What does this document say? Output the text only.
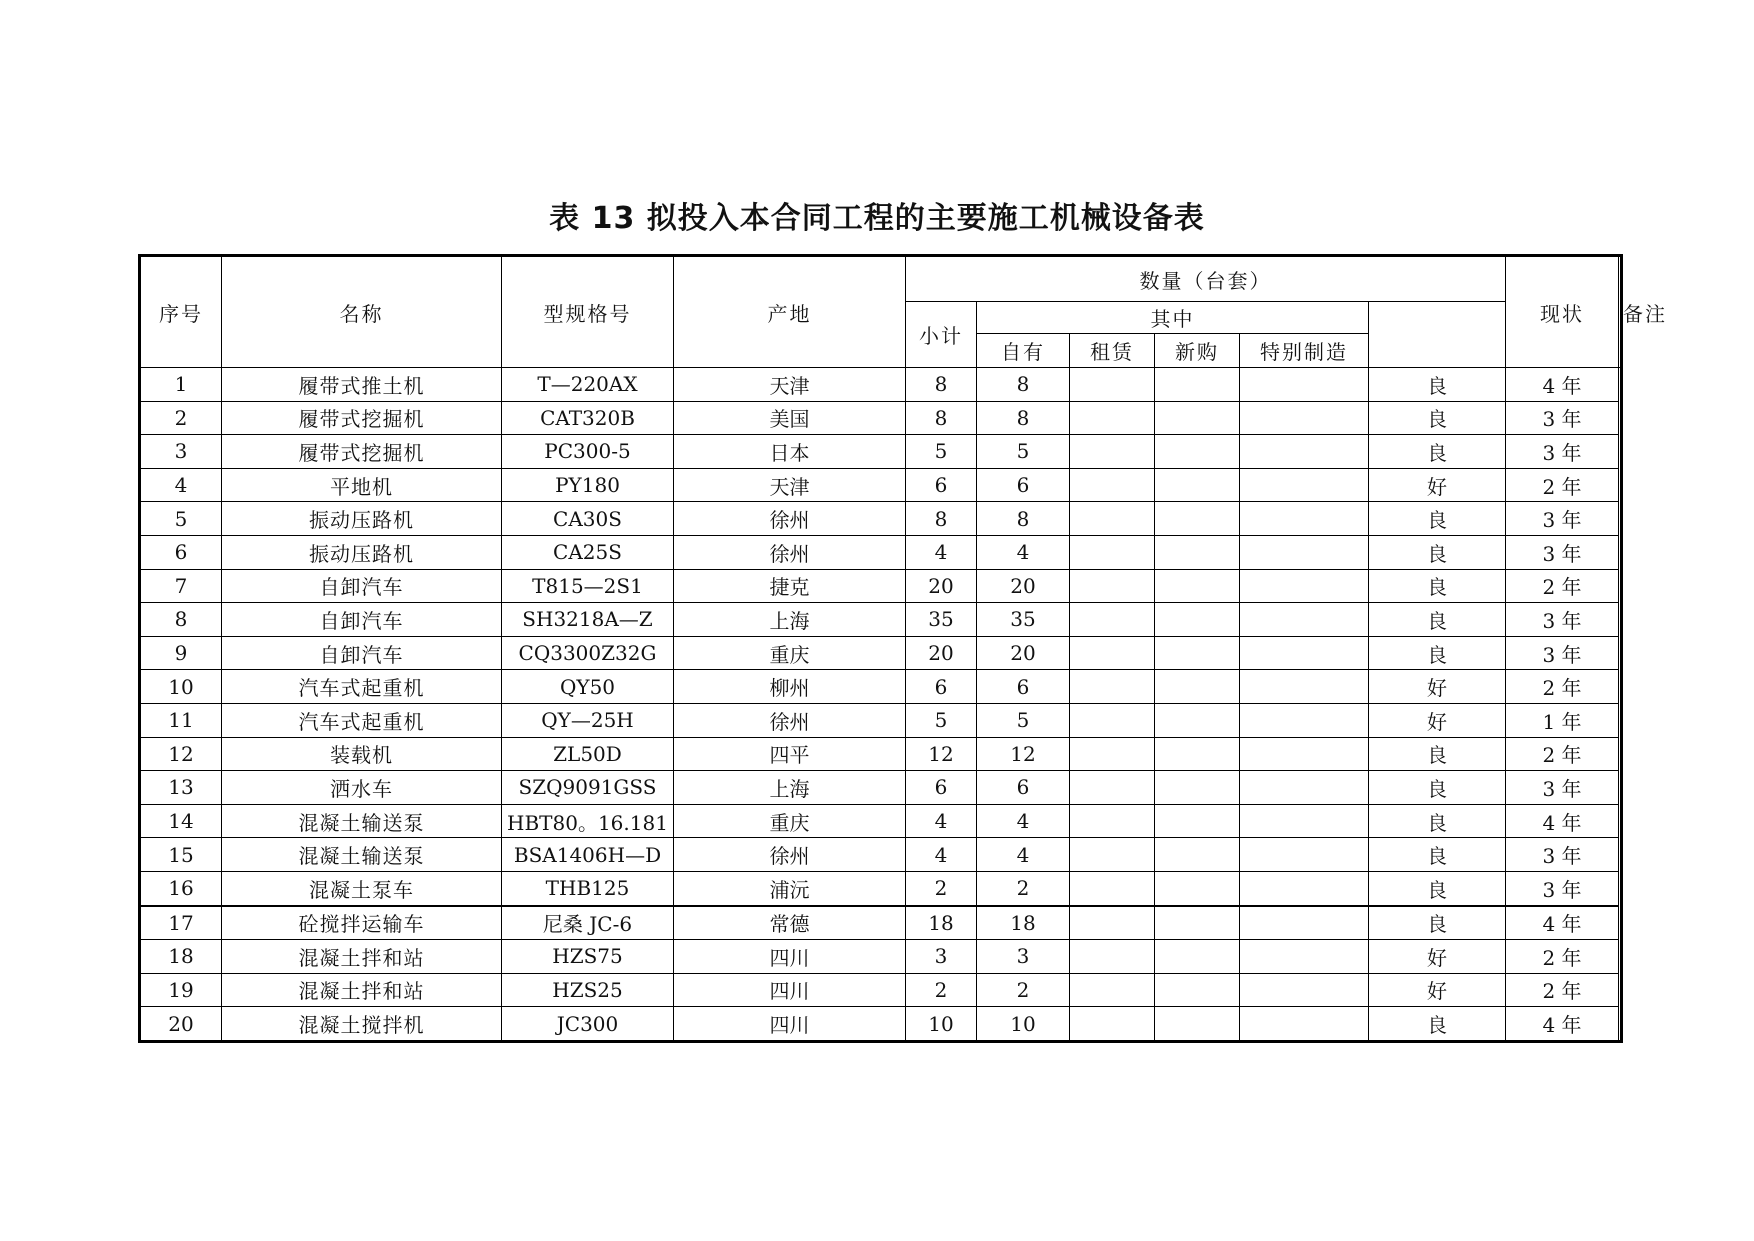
表 13 拟投入本合同工程的主要施工机械设备表
序号	名称	型规格号	产地	数量（台套）						现状	备注
				小计	其中						
					自有	租赁	新购	特别制造			
1	履带式推土机	T—220AX	天津	8	8				良	4 年	
2	履带式挖掘机	CAT320B	美国	8	8				良	3 年	
3	履带式挖掘机	PC300-5	日本	5	5				良	3 年	
4	平地机	PY180	天津	6	6				好	2 年	
5	振动压路机	CA30S	徐州	8	8				良	3 年	
6	振动压路机	CA25S	徐州	4	4				良	3 年	
7	自卸汽车	T815—2S1	捷克	20	20				良	2 年	
8	自卸汽车	SH3218A—Z	上海	35	35				良	3 年	
9	自卸汽车	CQ3300Z32G	重庆	20	20				良	3 年	
10	汽车式起重机	QY50	柳州	6	6				好	2 年	
11	汽车式起重机	QY—25H	徐州	5	5				好	1 年	
12	装载机	ZL50D	四平	12	12				良	2 年	
13	洒水车	SZQ9091GSS	上海	6	6				良	3 年	
14	混凝土输送泵	HBT80。16.181	重庆	4	4				良	4 年	
15	混凝土输送泵	BSA1406H—D	徐州	4	4				良	3 年	
16	混凝土泵车	THB125	浦沅	2	2				良	3 年	
17	砼搅拌运输车	尼桑 JC-6	常德	18	18				良	4 年	
18	混凝土拌和站	HZS75	四川	3	3				好	2 年	
19	混凝土拌和站	HZS25	四川	2	2				好	2 年	
20	混凝土搅拌机	JC300	四川	10	10				良	4 年	
